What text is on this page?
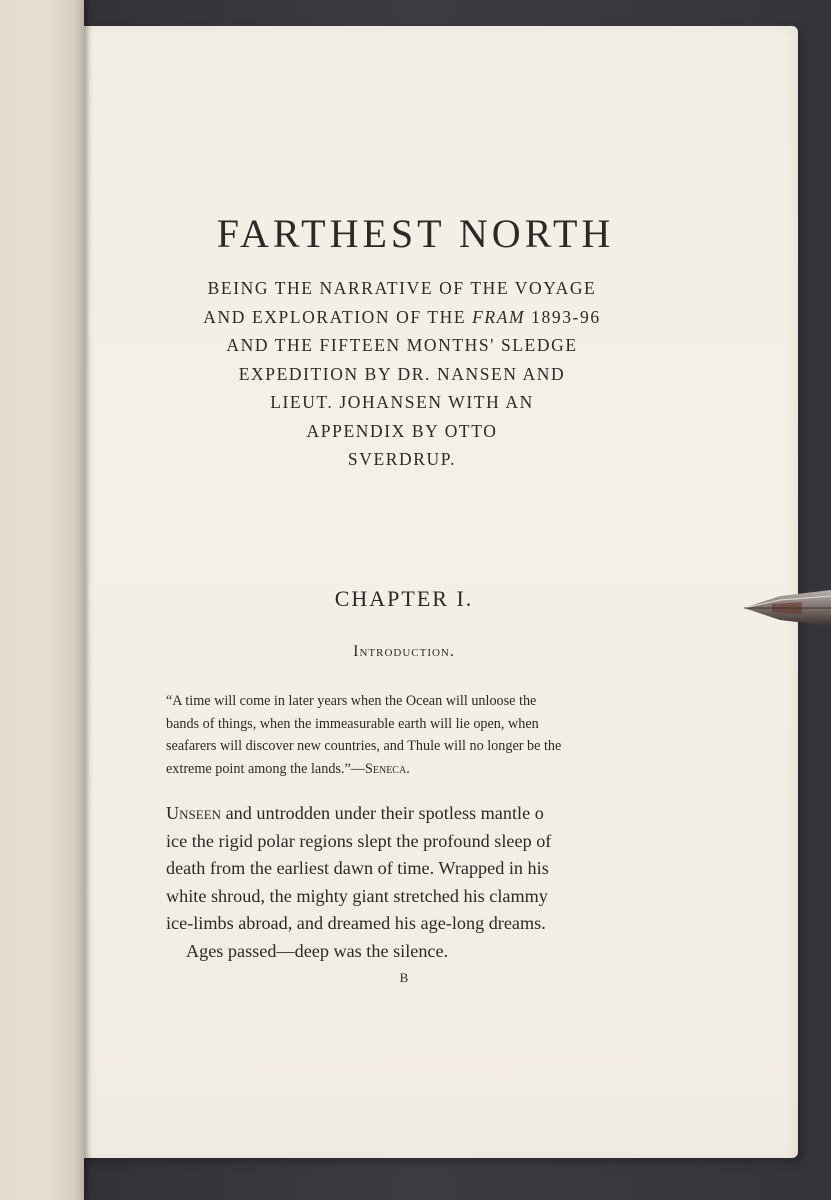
FARTHEST NORTH
BEING THE NARRATIVE OF THE VOYAGE
AND EXPLORATION OF THE FRAM 1893-96
AND THE FIFTEEN MONTHS' SLEDGE
EXPEDITION BY DR. NANSEN AND
LIEUT. JOHANSEN WITH AN
APPENDIX BY OTTO
SVERDRUP.
CHAPTER I.
Introduction.
“A time will come in later years when the Ocean will unloose the
bands of things, when the immeasurable earth will lie open, when
seafarers will discover new countries, and Thule will no longer be the
extreme point among the lands.”—Seneca.
Unseen and untrodden under their spotless mantle o
ice the rigid polar regions slept the profound sleep of
death from the earliest dawn of time. Wrapped in his
white shroud, the mighty giant stretched his clammy
ice-limbs abroad, and dreamed his age-long dreams.
Ages passed—deep was the silence.
B
